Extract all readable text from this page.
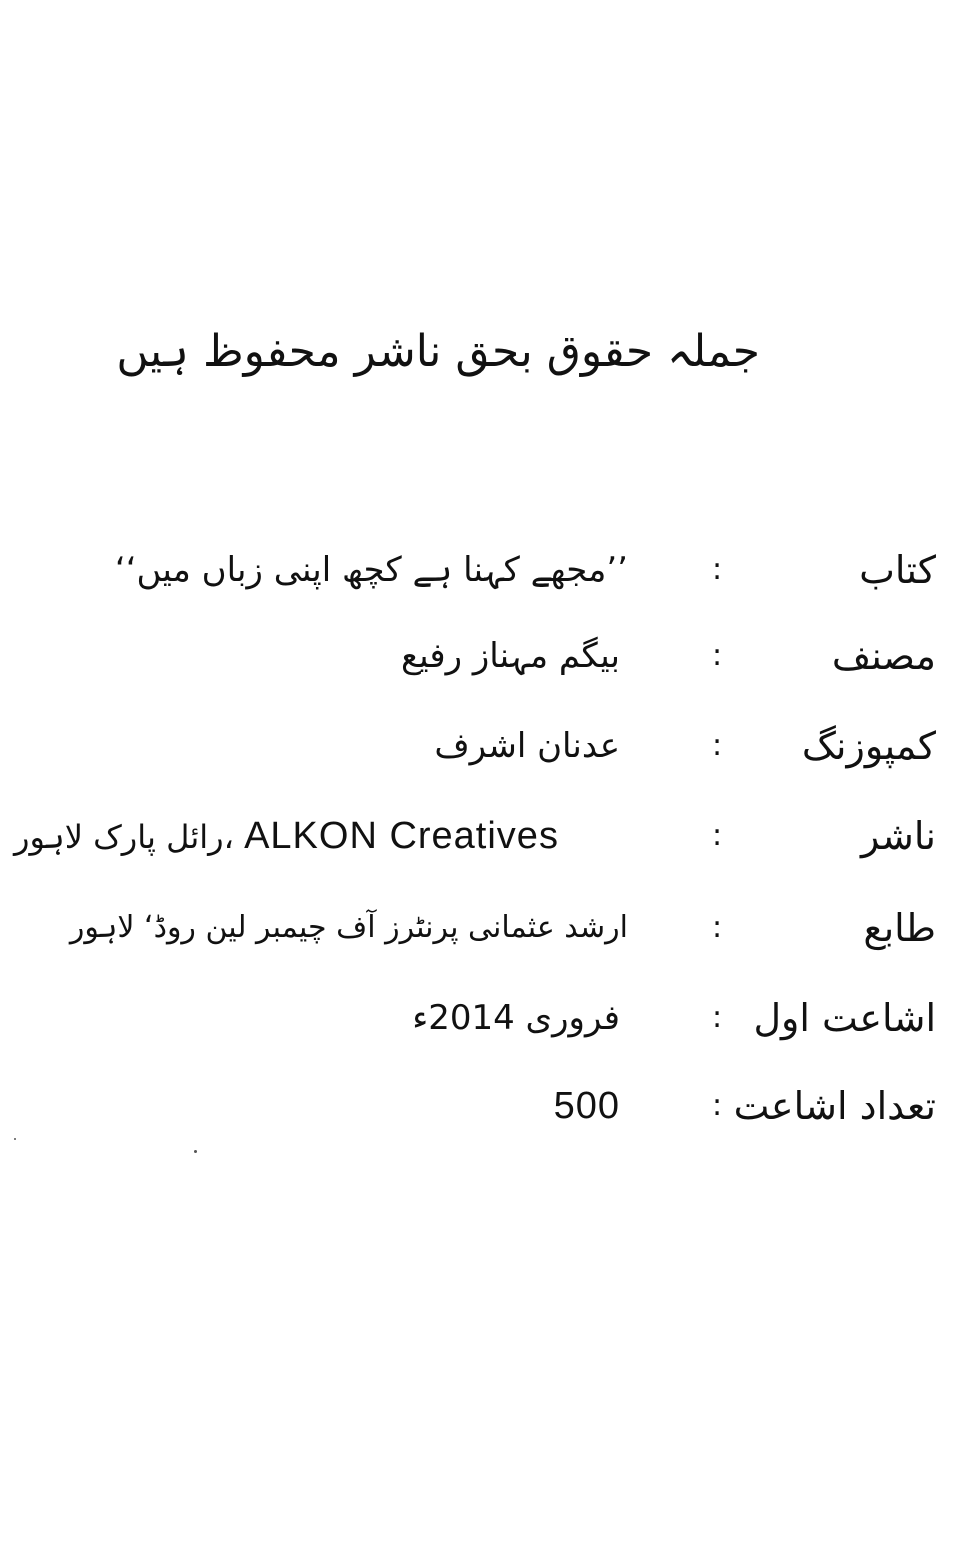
جملہ حقوق بحق ناشر محفوظ ہیں
کتاب
:
’’مجھے کہنا ہے کچھ اپنی زباں میں‘‘
مصنف
:
بیگم مہناز رفیع
کمپوزنگ
:
عدنان اشرف
ناشر
:
،رائل پارک لاہور ALKON Creatives
طابع
:
ارشد عثمانی پرنٹرز آف چیمبر لین روڈ‘ لاہور
اشاعت اول
:
فروری 2014ء
تعداد اشاعت
:
500
